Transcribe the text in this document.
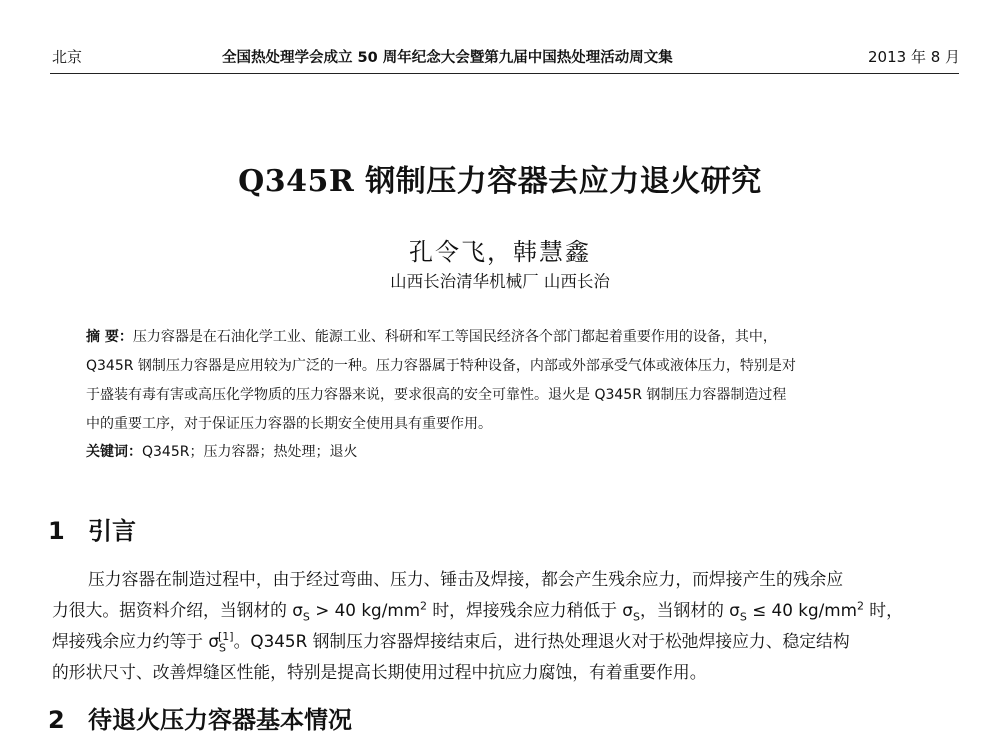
北京	全国热处理学会成立 50 周年纪念大会暨第九届中国热处理活动周文集	2013 年 8 月
Q345R 钢制压力容器去应力退火研究
孔令飞，韩慧鑫
山西长治清华机械厂 山西长治
摘 要：压力容器是在石油化学工业、能源工业、科研和军工等国民经济各个部门都起着重要作用的设备，其中，
Q345R 钢制压力容器是应用较为广泛的一种。压力容器属于特种设备，内部或外部承受气体或液体压力，特别是对
于盛装有毒有害或高压化学物质的压力容器来说，要求很高的安全可靠性。退火是 Q345R 钢制压力容器制造过程
中的重要工序，对于保证压力容器的长期安全使用具有重要作用。
关键词：Q345R；压力容器；热处理；退火
1 引言
压力容器在制造过程中，由于经过弯曲、压力、锤击及焊接，都会产生残余应力，而焊接产生的残余应
力很大。据资料介绍，当钢材的 $\sigma_S > 40$ $kg/mm^2$ 时，焊接残余应力稍低于 $\sigma_S$，当钢材的 $\sigma_S \le 40$ $kg/mm^2$ 时，
焊接残余应力约等于 $\sigma_S[1]$。Q345R 钢制压力容器焊接结束后，进行热处理退火对于松弛焊接应力、稳定结构
的形状尺寸、改善焊缝区性能，特别是提高长期使用过程中抗应力腐蚀，有着重要作用。
2 待退火压力容器基本情况
